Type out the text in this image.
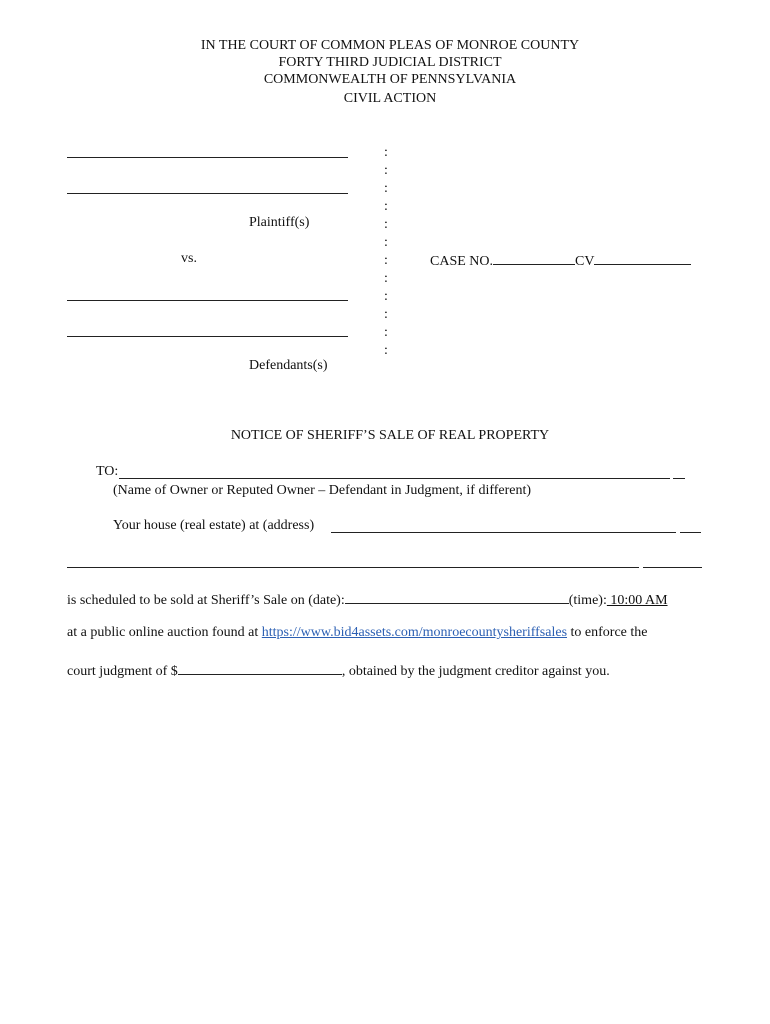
IN THE COURT OF COMMON PLEAS OF MONROE COUNTY
FORTY THIRD JUDICIAL DISTRICT
COMMONWEALTH OF PENNSYLVANIA
CIVIL ACTION
Plaintiff(s)
vs.
Defendants(s)
:
:
:
:
:
:
:
:
:
:
:
:
CASE NO.	CV
NOTICE OF SHERIFF’S SALE OF REAL PROPERTY
TO:
(Name of Owner or Reputed Owner – Defendant in Judgment, if different)
Your house (real estate) at (address)
is scheduled to be sold at Sheriff’s Sale on (date):	(time): 10:00 AM
at a public online auction found at https://www.bid4assets.com/monroecountysheriffsales to enforce the
court judgment of $	, obtained by the judgment creditor against you.
